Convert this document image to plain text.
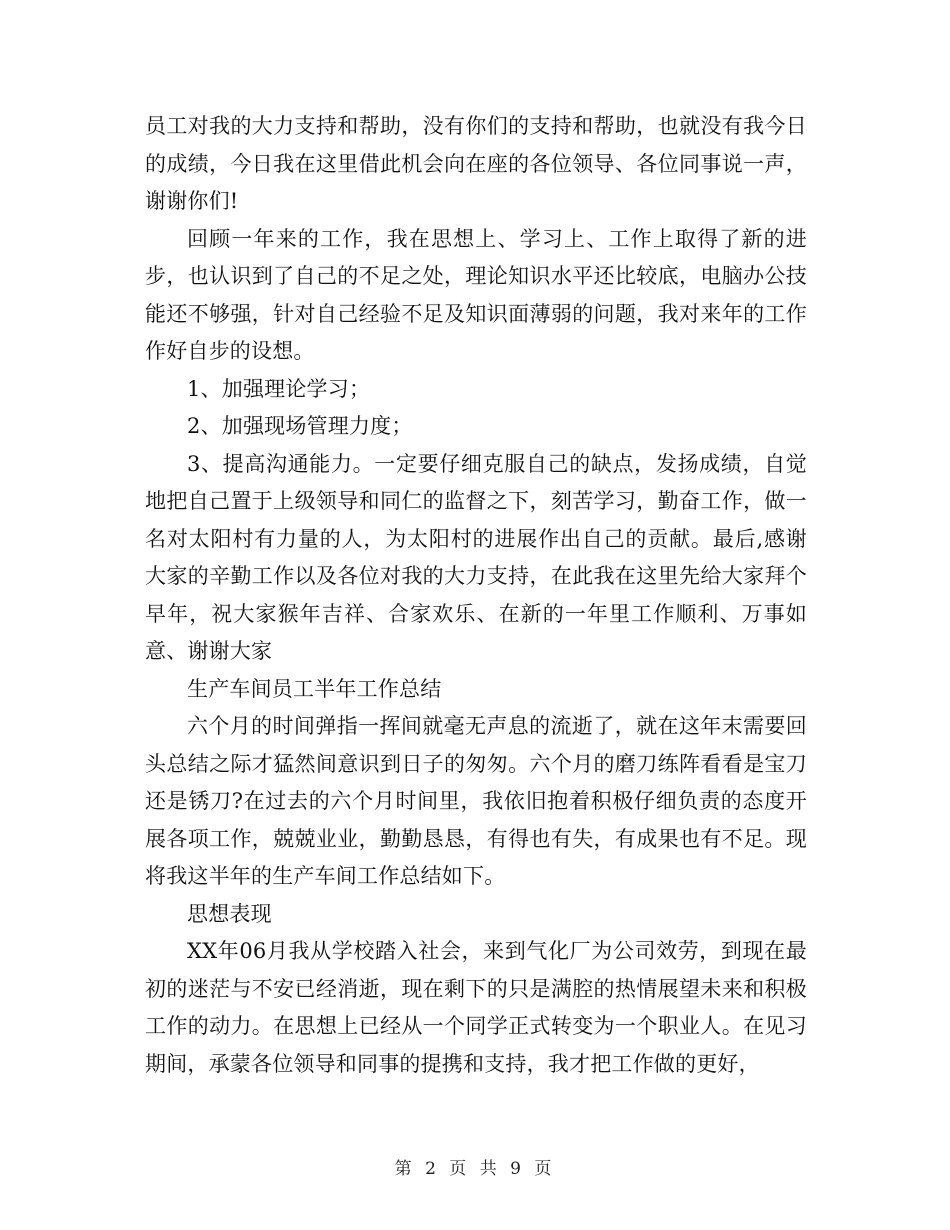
员工对我的大力支持和帮助，没有你们的支持和帮助，也就没有我今日的成绩，今日我在这里借此机会向在座的各位领导、各位同事说一声，谢谢你们!

回顾一年来的工作，我在思想上、学习上、工作上取得了新的进步，也认识到了自己的不足之处，理论知识水平还比较底，电脑办公技能还不够强，针对自己经验不足及知识面薄弱的问题，我对来年的工作作好自步的设想。

1、加强理论学习；

2、加强现场管理力度；

3、提高沟通能力。一定要仔细克服自己的缺点，发扬成绩，自觉地把自己置于上级领导和同仁的监督之下，刻苦学习，勤奋工作，做一名对太阳村有力量的人，为太阳村的进展作出自己的贡献。最后,感谢大家的辛勤工作以及各位对我的大力支持，在此我在这里先给大家拜个早年，祝大家猴年吉祥、合家欢乐、在新的一年里工作顺利、万事如意、谢谢大家

生产车间员工半年工作总结

六个月的时间弹指一挥间就毫无声息的流逝了，就在这年末需要回头总结之际才猛然间意识到日子的匆匆。六个月的磨刀练阵看看是宝刀还是锈刀?在过去的六个月时间里，我依旧抱着积极仔细负责的态度开展各项工作，兢兢业业，勤勤恳恳，有得也有失，有成果也有不足。现将我这半年的生产车间工作总结如下。

思想表现

XX年06月我从学校踏入社会，来到气化厂为公司效劳，到现在最初的迷茫与不安已经消逝，现在剩下的只是满腔的热情展望未来和积极工作的动力。在思想上已经从一个同学正式转变为一个职业人。在见习期间，承蒙各位领导和同事的提携和支持，我才把工作做的更好，

第 2 页 共 9 页
